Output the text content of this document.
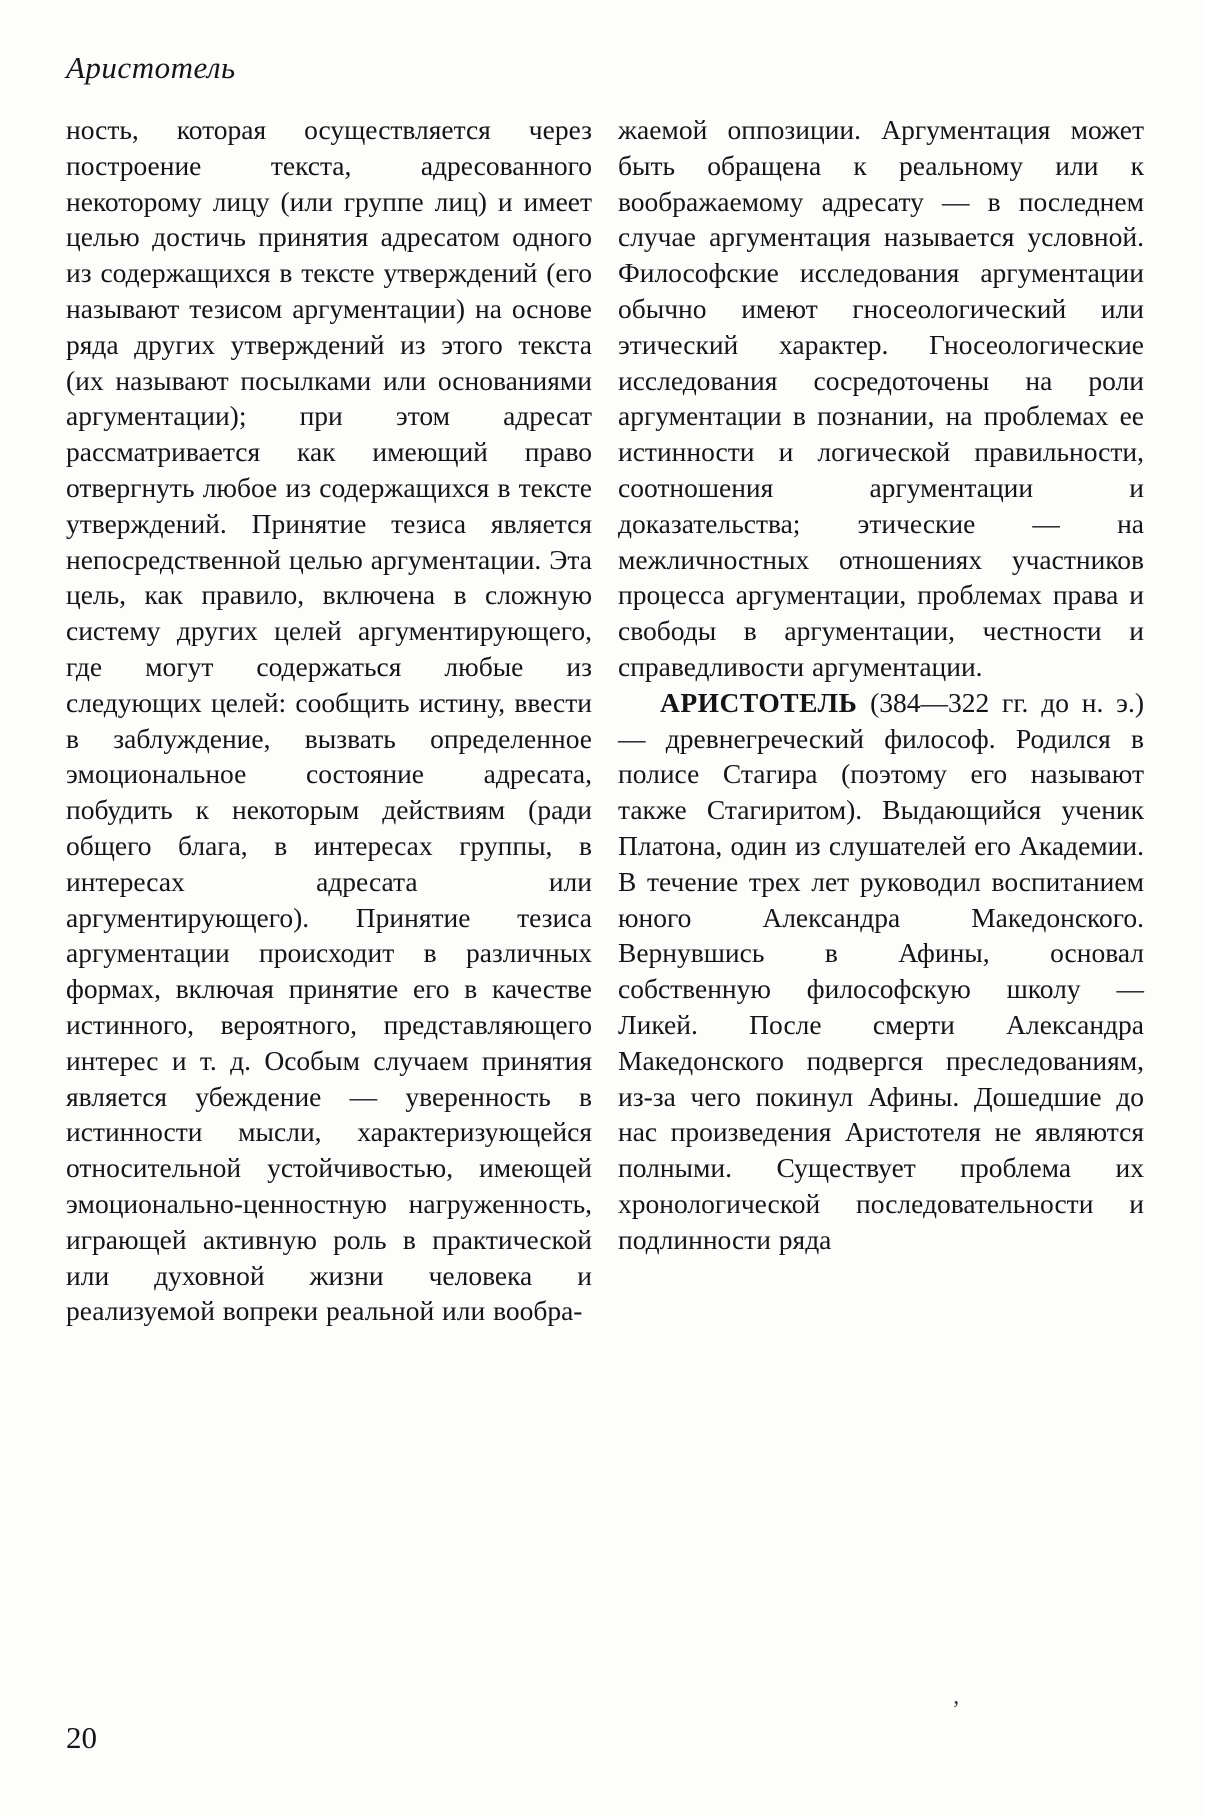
Аристотель

ность, которая осуществляется через построение текста, адресованного некоторому лицу (или группе лиц) и имеет целью достичь принятия адресатом одного из содержащихся в тексте утверждений (его называют тезисом аргументации) на основе ряда других утверждений из этого текста (их называют посылками или основаниями аргументации); при этом адресат рассматривается как имеющий право отвергнуть любое из содержащихся в тексте утверждений. Принятие тезиса является непосредственной целью аргументации. Эта цель, как правило, включена в сложную систему других целей аргументирующего, где могут содержаться любые из следующих целей: сообщить истину, ввести в заблуждение, вызвать определенное эмоциональное состояние адресата, побудить к некоторым действиям (ради общего блага, в интересах группы, в интересах адресата или аргументирующего). Принятие тезиса аргументации происходит в различных формах, включая принятие его в качестве истинного, вероятного, представляющего интерес и т. д. Особым случаем принятия является убеждение — уверенность в истинности мысли, характеризующейся относительной устойчивостью, имеющей эмоционально-ценностную нагруженность, играющей активную роль в практической или духовной жизни человека и реализуемой вопреки реальной или вообра-

жаемой оппозиции. Аргументация может быть обращена к реальному или к воображаемому адресату — в последнем случае аргументация называется условной. Философские исследования аргументации обычно имеют гносеологический или этический характер. Гносеологические исследования сосредоточены на роли аргументации в познании, на проблемах ее истинности и логической правильности, соотношения аргументации и доказательства; этические — на межличностных отношениях участников процесса аргументации, проблемах права и свободы в аргументации, честности и справедливости аргументации.

АРИСТОТЕЛЬ (384—322 гг. до н. э.) — древнегреческий философ. Родился в полисе Стагира (поэтому его называют также Стагиритом). Выдающийся ученик Платона, один из слушателей его Академии. В течение трех лет руководил воспитанием юного Александра Македонского. Вернувшись в Афины, основал собственную философскую школу — Ликей. После смерти Александра Македонского подвергся преследованиям, из-за чего покинул Афины. Дошедшие до нас произведения Аристотеля не являются полными. Существует проблема их хронологической последовательности и подлинности ряда

20
’
